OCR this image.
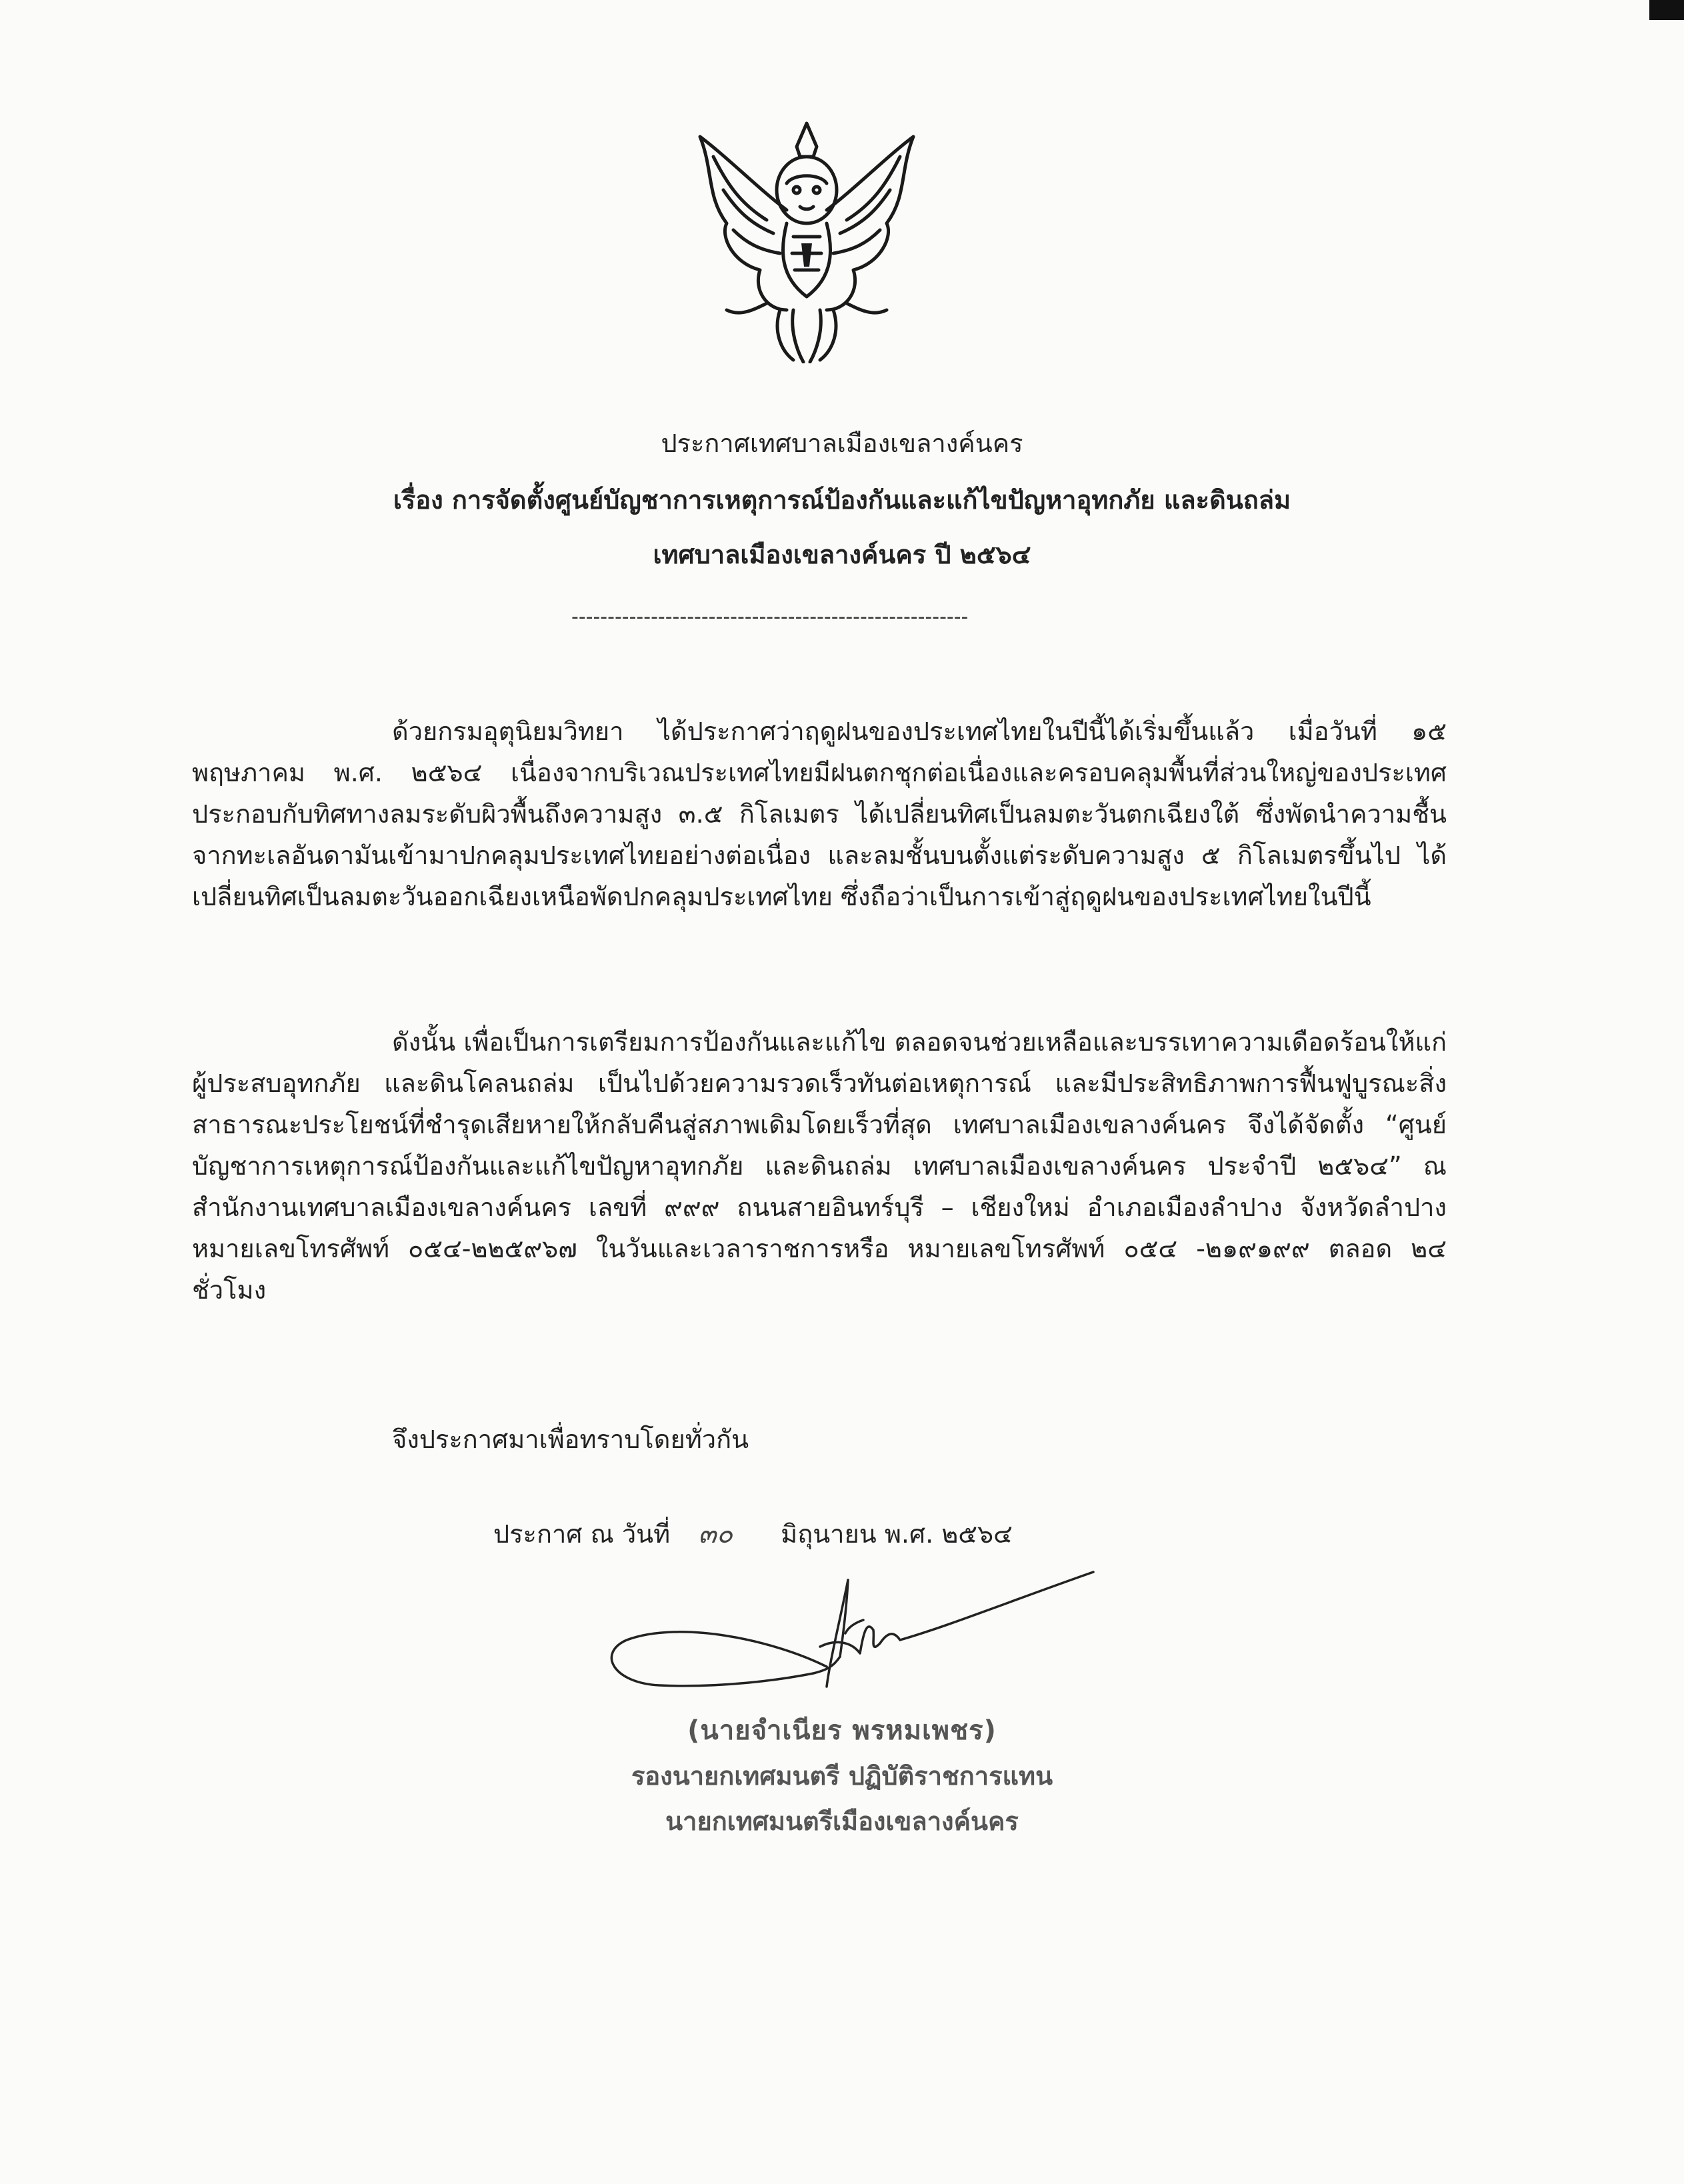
ประกาศเทศบาลเมืองเขลางค์นคร
เรื่อง การจัดตั้งศูนย์บัญชาการเหตุการณ์ป้องกันและแก้ไขปัญหาอุทกภัย และดินถล่ม
เทศบาลเมืองเขลางค์นคร ปี ๒๕๖๔
-------------------------------------------------------

ด้วยกรมอุตุนิยมวิทยา ได้ประกาศว่าฤดูฝนของประเทศไทยในปีนี้ได้เริ่มขึ้นแล้ว เมื่อวันที่ ๑๕ พฤษภาคม พ.ศ. ๒๕๖๔ เนื่องจากบริเวณประเทศไทยมีฝนตกชุกต่อเนื่องและครอบคลุมพื้นที่ส่วนใหญ่ของประเทศ ประกอบกับทิศทางลมระดับผิวพื้นถึงความสูง ๓.๕ กิโลเมตร ได้เปลี่ยนทิศเป็นลมตะวันตกเฉียงใต้ ซึ่งพัดนำความชื้นจากทะเลอันดามันเข้ามาปกคลุมประเทศไทยอย่างต่อเนื่อง และลมชั้นบนตั้งแต่ระดับความสูง ๕ กิโลเมตรขึ้นไป ได้เปลี่ยนทิศเป็นลมตะวันออกเฉียงเหนือพัดปกคลุมประเทศไทย ซึ่งถือว่าเป็นการเข้าสู่ฤดูฝนของประเทศไทยในปีนี้

ดังนั้น เพื่อเป็นการเตรียมการป้องกันและแก้ไข ตลอดจนช่วยเหลือและบรรเทาความเดือดร้อนให้แก่ผู้ประสบอุทกภัย และดินโคลนถล่ม เป็นไปด้วยความรวดเร็วทันต่อเหตุการณ์ และมีประสิทธิภาพการฟื้นฟูบูรณะสิ่งสาธารณะประโยชน์ที่ชำรุดเสียหายให้กลับคืนสู่สภาพเดิมโดยเร็วที่สุด เทศบาลเมืองเขลางค์นคร จึงได้จัดตั้ง “ศูนย์บัญชาการเหตุการณ์ป้องกันและแก้ไขปัญหาอุทกภัย และดินถล่ม เทศบาลเมืองเขลางค์นคร ประจำปี ๒๕๖๔” ณ สำนักงานเทศบาลเมืองเขลางค์นคร เลขที่ ๙๙๙ ถนนสายอินทร์บุรี – เชียงใหม่ อำเภอเมืองลำปาง จังหวัดลำปาง หมายเลขโทรศัพท์ ๐๕๔-๒๒๕๙๖๗ ในวันและเวลาราชการหรือ หมายเลขโทรศัพท์ ๐๕๔ -๒๑๙๑๙๙ ตลอด ๒๔ ชั่วโมง

จึงประกาศมาเพื่อทราบโดยทั่วกัน
ประกาศ ณ วันที่ ๓๐ มิถุนายน พ.ศ. ๒๕๖๔
(นายจำเนียร พรหมเพชร)
รองนายกเทศมนตรี ปฏิบัติราชการแทน
นายกเทศมนตรีเมืองเขลางค์นคร
